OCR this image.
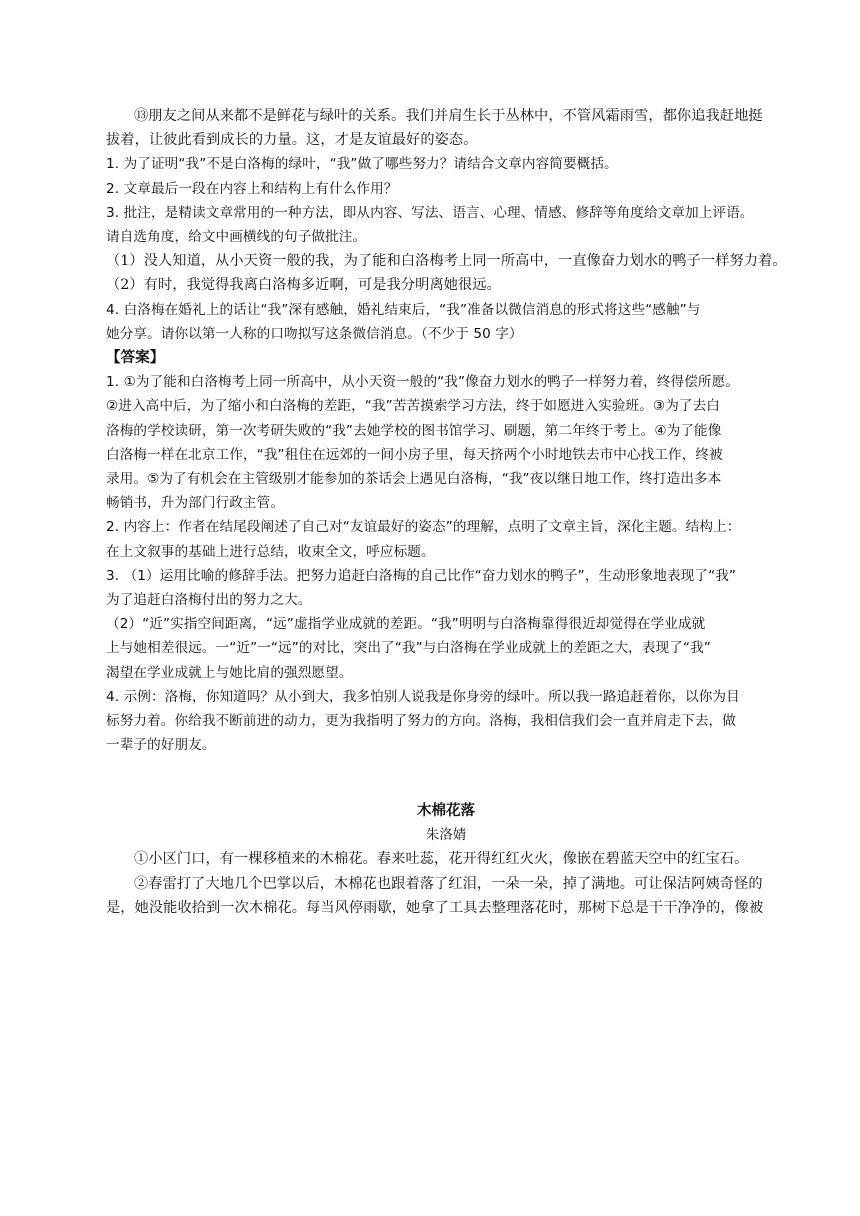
⑬朋友之间从来都不是鲜花与绿叶的关系。我们并肩生长于丛林中，不管风霜雨雪，都你追我赶地挺
拔着，让彼此看到成长的力量。这，才是友谊最好的姿态。
1. 为了证明“我”不是白洛梅的绿叶，“我”做了哪些努力？请结合文章内容简要概括。
2. 文章最后一段在内容上和结构上有什么作用？
3. 批注，是精读文章常用的一种方法，即从内容、写法、语言、心理、情感、修辞等角度给文章加上评语。
请自选角度，给文中画横线的句子做批注。
（1）没人知道，从小天资一般的我，为了能和白洛梅考上同一所高中，一直像奋力划水的鸭子一样努力着。
（2）有时，我觉得我离白洛梅多近啊，可是我分明离她很远。
4. 白洛梅在婚礼上的话让“我”深有感触，婚礼结束后，“我”准备以微信消息的形式将这些“感触”与
她分享。请你以第一人称的口吻拟写这条微信消息。（不少于 50 字）
【答案】
1. ①为了能和白洛梅考上同一所高中，从小天资一般的“我”像奋力划水的鸭子一样努力着，终得偿所愿。
②进入高中后，为了缩小和白洛梅的差距，“我”苦苦摸索学习方法，终于如愿进入实验班。③为了去白
洛梅的学校读研，第一次考研失败的“我”去她学校的图书馆学习、刷题，第二年终于考上。④为了能像
白洛梅一样在北京工作，“我”租住在远郊的一间小房子里，每天挤两个小时地铁去市中心找工作，终被
录用。⑤为了有机会在主管级别才能参加的茶话会上遇见白洛梅，“我”夜以继日地工作，终打造出多本
畅销书，升为部门行政主管。
2. 内容上：作者在结尾段阐述了自己对“友谊最好的姿态”的理解，点明了文章主旨，深化主题。结构上：
在上文叙事的基础上进行总结，收束全文，呼应标题。
3. （1）运用比喻的修辞手法。把努力追赶白洛梅的自己比作“奋力划水的鸭子”，生动形象地表现了“我”
为了追赶白洛梅付出的努力之大。
（2）“近”实指空间距离，“远”虚指学业成就的差距。“我”明明与白洛梅靠得很近却觉得在学业成就
上与她相差很远。一“近”一“远”的对比，突出了“我”与白洛梅在学业成就上的差距之大，表现了“我”
渴望在学业成就上与她比肩的强烈愿望。
4. 示例：洛梅，你知道吗？从小到大，我多怕别人说我是你身旁的绿叶。所以我一路追赶着你，以你为目
标努力着。你给我不断前进的动力，更为我指明了努力的方向。洛梅，我相信我们会一直并肩走下去，做
一辈子的好朋友。
木棉花落
朱洛婧
①小区门口，有一棵移植来的木棉花。春来吐蕊，花开得红红火火，像嵌在碧蓝天空中的红宝石。
②春雷打了大地几个巴掌以后，木棉花也跟着落了红泪，一朵一朵，掉了满地。可让保洁阿姨奇怪的
是，她没能收拾到一次木棉花。每当风停雨歇，她拿了工具去整理落花时，那树下总是干干净净的，像被
